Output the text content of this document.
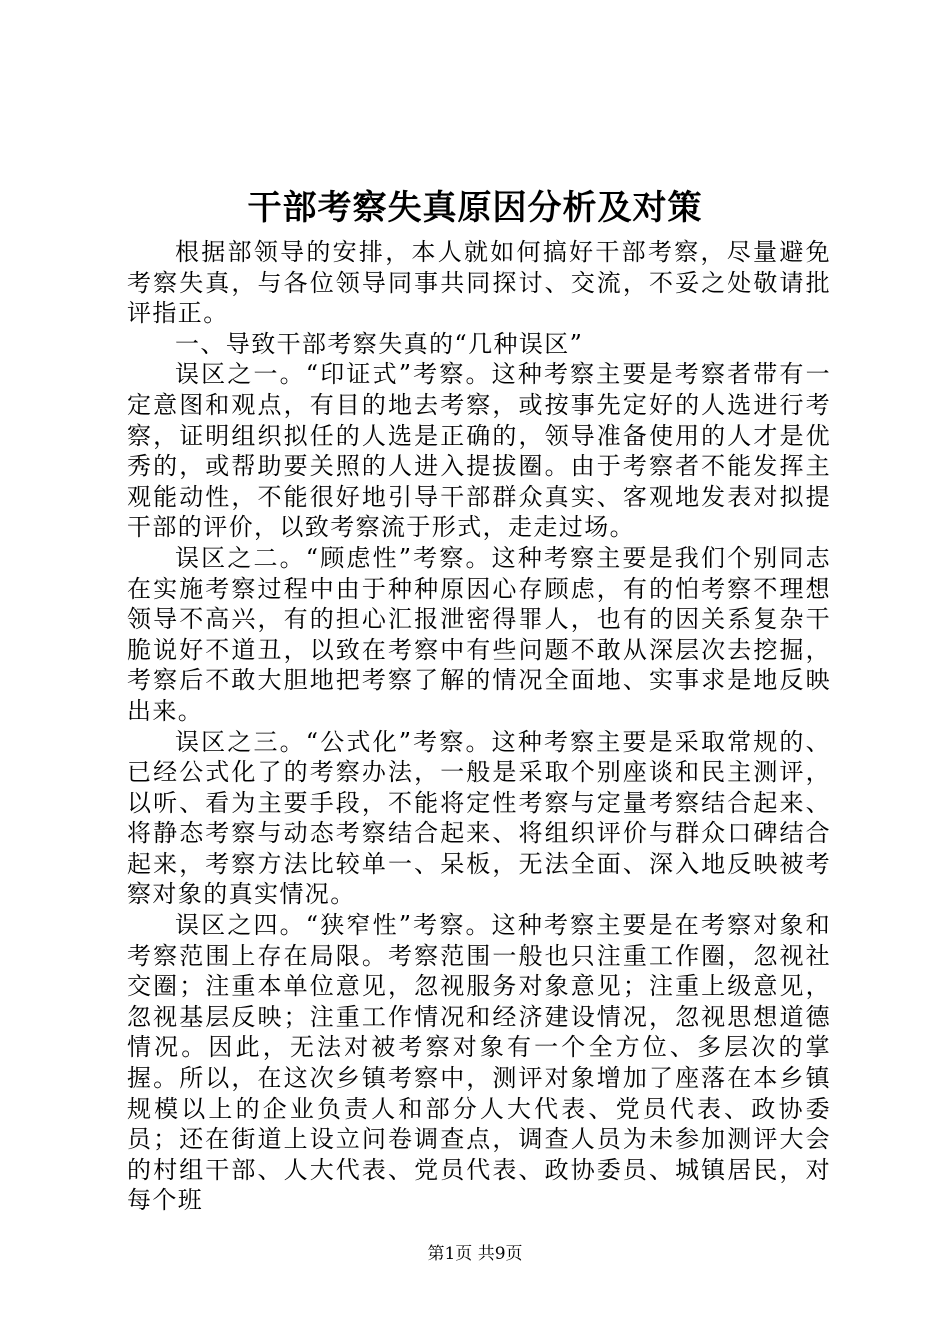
干部考察失真原因分析及对策

根据部领导的安排，本人就如何搞好干部考察，尽量避免考察失真，与各位领导同事共同探讨、交流，不妥之处敬请批评指正。

一、导致干部考察失真的“几种误区”

误区之一。“印证式”考察。这种考察主要是考察者带有一定意图和观点，有目的地去考察，或按事先定好的人选进行考察，证明组织拟任的人选是正确的，领导准备使用的人才是优秀的，或帮助要关照的人进入提拔圈。由于考察者不能发挥主观能动性，不能很好地引导干部群众真实、客观地发表对拟提干部的评价，以致考察流于形式，走走过场。

误区之二。“顾虑性”考察。这种考察主要是我们个别同志在实施考察过程中由于种种原因心存顾虑，有的怕考察不理想领导不高兴，有的担心汇报泄密得罪人，也有的因关系复杂干脆说好不道丑，以致在考察中有些问题不敢从深层次去挖掘，考察后不敢大胆地把考察了解的情况全面地、实事求是地反映出来。

误区之三。“公式化”考察。这种考察主要是采取常规的、已经公式化了的考察办法，一般是采取个别座谈和民主测评，以听、看为主要手段，不能将定性考察与定量考察结合起来、将静态考察与动态考察结合起来、将组织评价与群众口碑结合起来，考察方法比较单一、呆板，无法全面、深入地反映被考察对象的真实情况。

误区之四。“狭窄性”考察。这种考察主要是在考察对象和考察范围上存在局限。考察范围一般也只注重工作圈，忽视社交圈；注重本单位意见，忽视服务对象意见；注重上级意见，忽视基层反映；注重工作情况和经济建设情况，忽视思想道德情况。因此，无法对被考察对象有一个全方位、多层次的掌握。所以，在这次乡镇考察中，测评对象增加了座落在本乡镇规模以上的企业负责人和部分人大代表、党员代表、政协委员；还在街道上设立问卷调查点，调查人员为未参加测评大会的村组干部、人大代表、党员代表、政协委员、城镇居民，对每个班

第1页 共9页
